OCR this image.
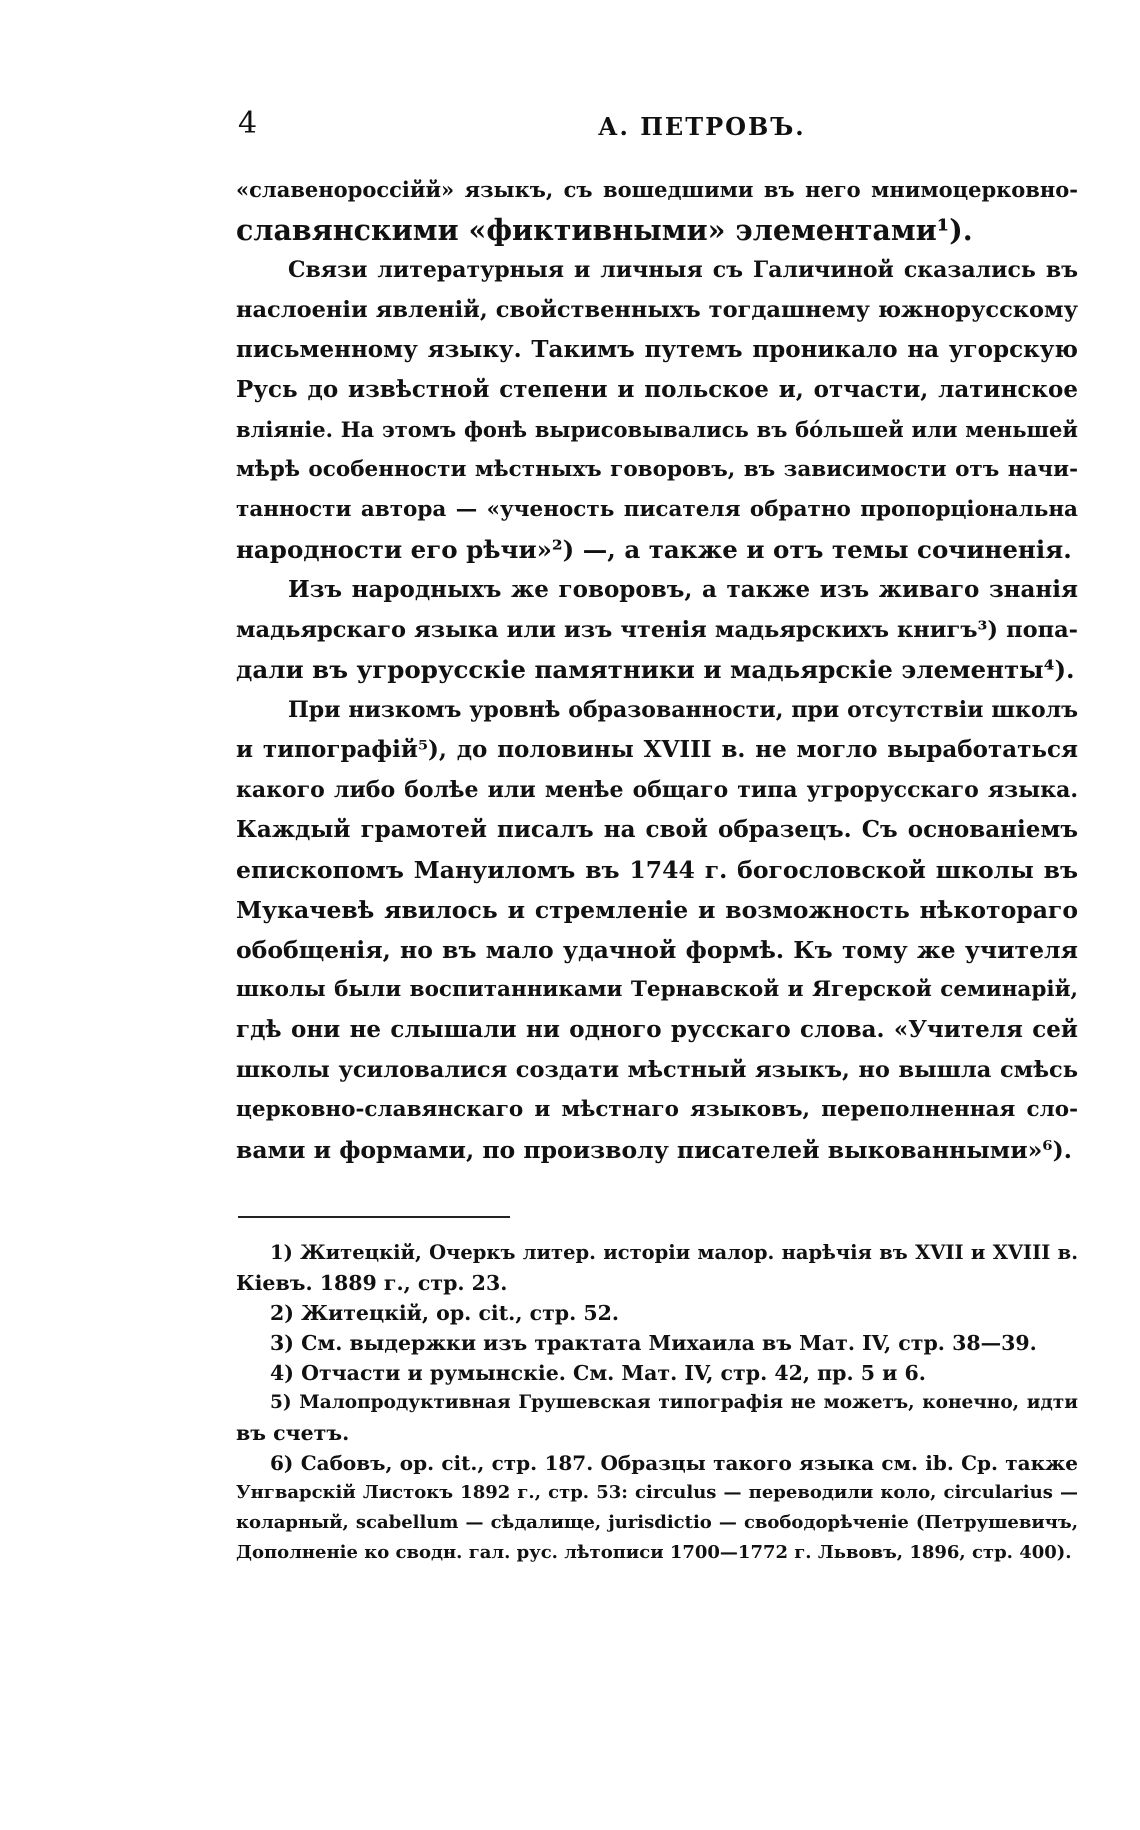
4	А. ПЕТРОВЪ.
«славенороссійй» языкъ, съ вошедшими въ него мнимоцерковно-
славянскими «фиктивными» элементами¹).
Связи литературныя и личныя съ Галичиной сказались въ
наслоеніи явленій, свойственныхъ тогдашнему южнорусскому
письменному языку. Такимъ путемъ проникало на угорскую
Русь до извѣстной степени и польское и, отчасти, латинское
вліяніе. На этомъ фонѣ вырисовывались въ бóльшей или меньшей
мѣрѣ особенности мѣстныхъ говоровъ, въ зависимости отъ начи-
танности автора — «ученость писателя обратно пропорціональна
народности его рѣчи»²) —, а также и отъ темы сочиненія.
Изъ народныхъ же говоровъ, а также изъ живаго знанія
мадьярскаго языка или изъ чтенія мадьярскихъ книгъ³) попа-
дали въ угрорусскіе памятники и мадьярскіе элементы⁴).
При низкомъ уровнѣ образованности, при отсутствіи школъ
и типографій⁵), до половины XVIII в. не могло выработаться
какого либо болѣе или менѣе общаго типа угрорусскаго языка.
Каждый грамотей писалъ на свой образецъ. Съ основаніемъ
епископомъ Мануиломъ въ 1744 г. богословской школы въ
Мукачевѣ явилось и стремленіе и возможность нѣкотораго
обобщенія, но въ мало удачной формѣ. Къ тому же учителя
школы были воспитанниками Тернавской и Ягерской семинарій,
гдѣ они не слышали ни одного русскаго слова. «Учителя сей
школы усиловалися создати мѣстный языкъ, но вышла смѣсь
церковно-славянскаго и мѣстнаго языковъ, переполненная сло-
вами и формами, по произволу писателей выкованными»⁶).
1) Житецкій, Очеркъ литер. исторіи малор. нарѣчія въ XVII и XVIII в.
Кіевъ. 1889 г., стр. 23.
2) Житецкій, op. cit., стр. 52.
3) См. выдержки изъ трактата Михаила въ Мат. IV, стр. 38—39.
4) Отчасти и румынскіе. См. Мат. IV, стр. 42, пр. 5 и 6.
5) Малопродуктивная Грушевская типографія не можетъ, конечно, идти
въ счетъ.
6) Сабовъ, op. cit., стр. 187. Образцы такого языка см. ib. Ср. также
Унгварскій Листокъ 1892 г., стр. 53: circulus — переводили коло, circularius —
коларный, scabellum — сѣдалище, jurisdictio — свободорѣченіе (Петрушевичъ,
Дополненіе ко сводн. гал. рус. лѣтописи 1700—1772 г. Львовъ, 1896, стр. 400).
